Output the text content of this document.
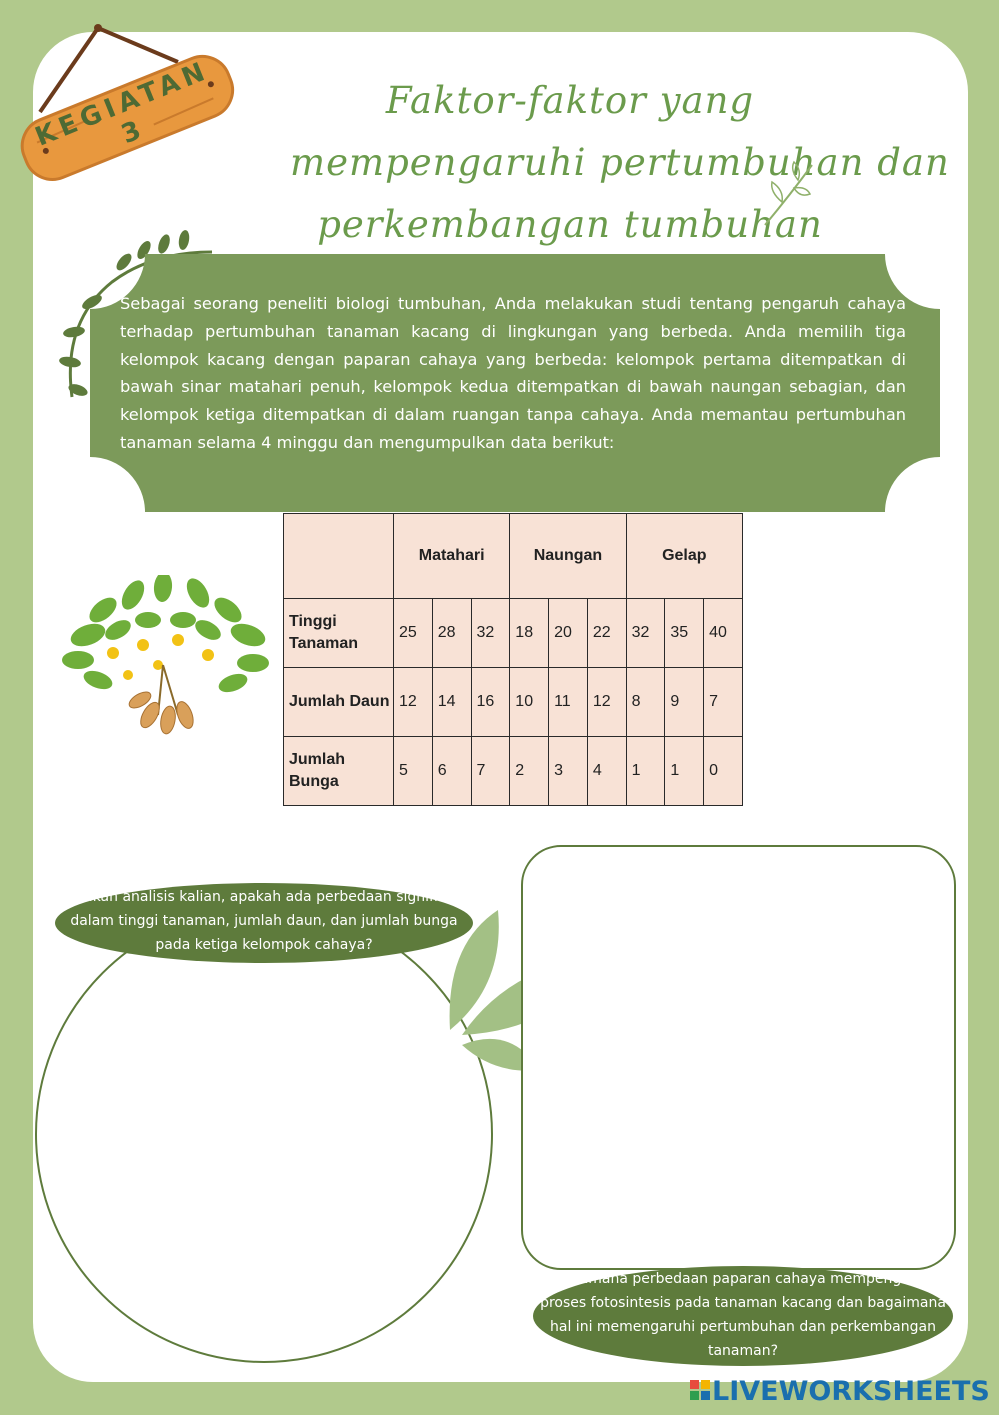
KEGIATAN 3
Faktor-faktor yang
mempengaruhi pertumbuhan dan
perkembangan tumbuhan
Sebagai seorang peneliti biologi tumbuhan, Anda melakukan studi tentang pengaruh cahaya terhadap pertumbuhan tanaman kacang di lingkungan yang berbeda. Anda memilih tiga kelompok kacang dengan paparan cahaya yang berbeda: kelompok pertama ditempatkan di bawah sinar matahari penuh, kelompok kedua ditempatkan di bawah naungan sebagian, dan kelompok ketiga ditempatkan di dalam ruangan tanpa cahaya. Anda memantau pertumbuhan tanaman selama 4 minggu dan mengumpulkan data berikut:
	Matahari			Naungan			Gelap		
Tinggi Tanaman	25	28	32	18	20	22	32	35	40
Jumlah Daun	12	14	16	10	11	12	8	9	7
Jumlah Bunga	5	6	7	2	3	4	1	1	0
Berikan analisis kalian, apakah ada perbedaan signifikan dalam tinggi tanaman, jumlah daun, dan jumlah bunga pada ketiga kelompok cahaya?
Bagaimana perbedaan paparan cahaya mempengaruhi proses fotosintesis pada tanaman kacang dan bagaimana hal ini memengaruhi pertumbuhan dan perkembangan tanaman?
LIVEWORKSHEETS
